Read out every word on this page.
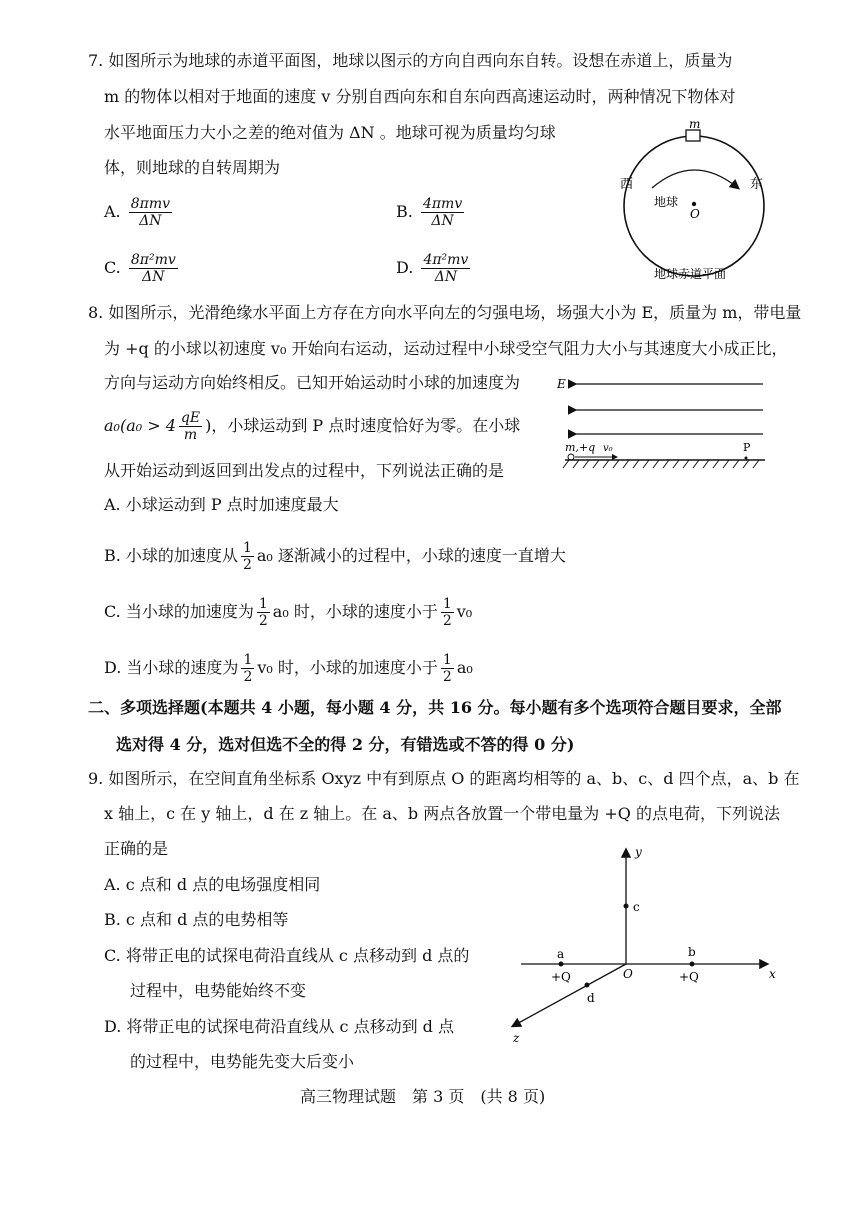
7. 如图所示为地球的赤道平面图，地球以图示的方向自西向东自转。设想在赤道上，质量为
m 的物体以相对于地面的速度 v 分别自西向东和自东向西高速运动时，两种情况下物体对
水平地面压力大小之差的绝对值为 ΔN 。地球可视为质量均匀球
体，则地球的自转周期为
A. $\frac{\text{8πmv}}{\Delta N}$	B. $\frac{\text{4πmv}}{\Delta N}$
C. $\frac{\text{8π²mv}}{\Delta N}$	D. $\frac{\text{4π²mv}}{\Delta N}$
m
西	东
地球
O
地球赤道平面
8. 如图所示，光滑绝缘水平面上方存在方向水平向左的匀强电场，场强大小为 E，质量为 m，带电量
为 +q 的小球以初速度 v₀ 开始向右运动，运动过程中小球受空气阻力大小与其速度大小成正比，
方向与运动方向始终相反。已知开始运动时小球的加速度为
$a_0(a_0 > 4 \frac{qE}{m}$ )，小球运动到 P 点时速度恰好为零。在小球
从开始运动到返回到出发点的过程中，下列说法正确的是
E
m,+q v₀	P
A. 小球运动到 P 点时加速度最大
B. 小球的加速度从 $\frac{1}{2} a_0$ 逐渐减小的过程中，小球的速度一直增大
C. 当小球的加速度为 $\frac{1}{2} a_0$ 时，小球的速度小于 $\frac{1}{2} v_0$
D. 当小球的速度为 $\frac{1}{2} v_0$ 时，小球的加速度小于 $\frac{1}{2} a_0$
二、多项选择题(本题共 4 小题，每小题 4 分，共 16 分。每小题有多个选项符合题目要求，全部
选对得 4 分，选对但选不全的得 2 分，有错选或不答的得 0 分)
9. 如图所示，在空间直角坐标系 Oxyz 中有到原点 O 的距离均相等的 a、b、c、d 四个点，a、b 在
x 轴上，c 在 y 轴上，d 在 z 轴上。在 a、b 两点各放置一个带电量为 +Q 的点电荷，下列说法
正确的是
A. c 点和 d 点的电场强度相同
B. c 点和 d 点的电势相等
C. 将带正电的试探电荷沿直线从 c 点移动到 d 点的
过程中，电势能始终不变
D. 将带正电的试探电荷沿直线从 c 点移动到 d 点
的过程中，电势能先变大后变小
y
x
z
O
a
+Q
b
+Q
c
d
高三物理试题　第 3 页　(共 8 页)
